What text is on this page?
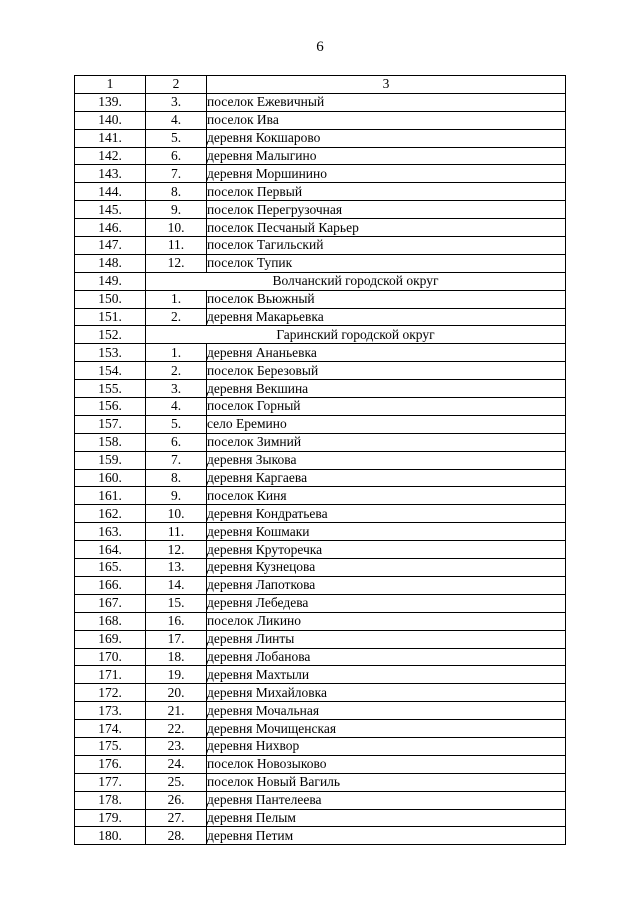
6
1	2	3
139.	3.	поселок Ежевичный
140.	4.	поселок Ива
141.	5.	деревня Кокшарово
142.	6.	деревня Малыгино
143.	7.	деревня Моршинино
144.	8.	поселок Первый
145.	9.	поселок Перегрузочная
146.	10.	поселок Песчаный Карьер
147.	11.	поселок Тагильский
148.	12.	поселок Тупик
149.	Волчанский городской округ	
150.	1.	поселок Вьюжный
151.	2.	деревня Макарьевка
152.	Гаринский городской округ	
153.	1.	деревня Ананьевка
154.	2.	поселок Березовый
155.	3.	деревня Векшина
156.	4.	поселок Горный
157.	5.	село Еремино
158.	6.	поселок Зимний
159.	7.	деревня Зыкова
160.	8.	деревня Каргаева
161.	9.	поселок Киня
162.	10.	деревня Кондратьева
163.	11.	деревня Кошмаки
164.	12.	деревня Круторечка
165.	13.	деревня Кузнецова
166.	14.	деревня Лапоткова
167.	15.	деревня Лебедева
168.	16.	поселок Ликино
169.	17.	деревня Линты
170.	18.	деревня Лобанова
171.	19.	деревня Махтыли
172.	20.	деревня Михайловка
173.	21.	деревня Мочальная
174.	22.	деревня Мочищенская
175.	23.	деревня Нихвор
176.	24.	поселок Новозыково
177.	25.	поселок Новый Вагиль
178.	26.	деревня Пантелеева
179.	27.	деревня Пелым
180.	28.	деревня Петим
